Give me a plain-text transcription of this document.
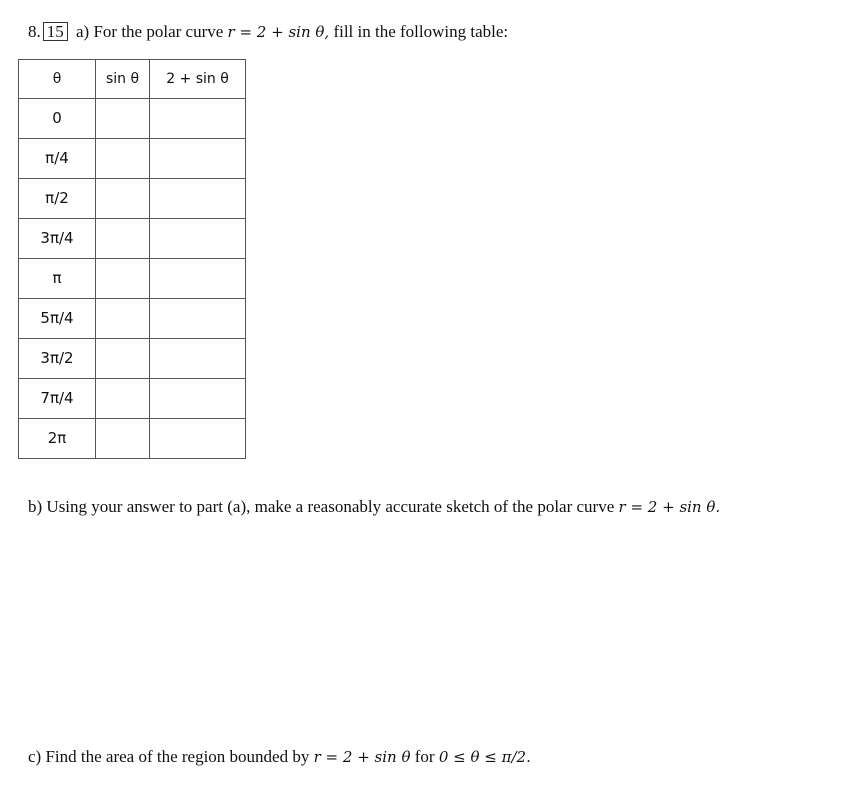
8. 15 a) For the polar curve r = 2 + sin θ, fill in the following table:
θ	sin θ	2 + sin θ
0		
π/4		
π/2		
3π/4		
π		
5π/4		
3π/2		
7π/4		
2π		
b) Using your answer to part (a), make a reasonably accurate sketch of the polar curve r = 2 + sin θ.
c) Find the area of the region bounded by r = 2 + sin θ for 0 ≤ θ ≤ π/2.
